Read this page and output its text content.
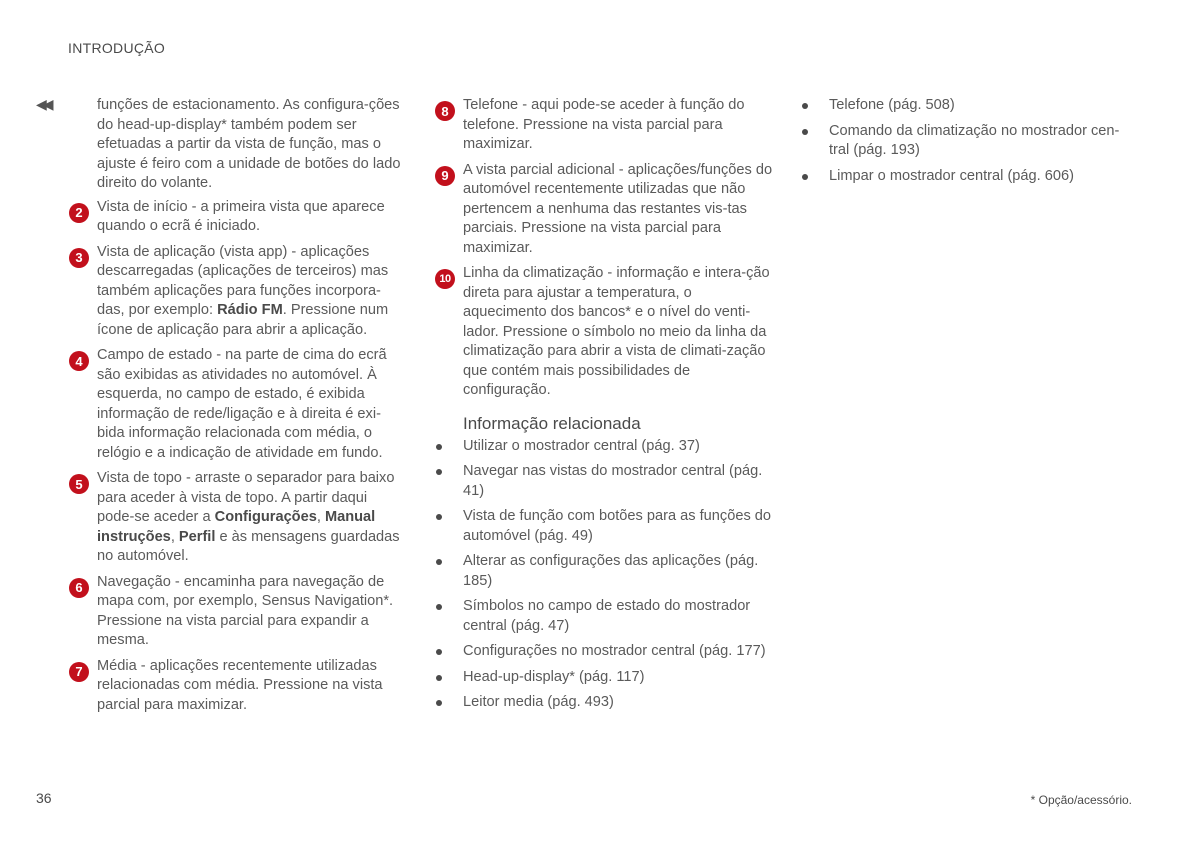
INTRODUÇÃO
◀◀	funções de estacionamento. As configura-ções do head-up-display* também podem ser efetuadas a partir da vista de função, mas o ajuste é feiro com a unidade de botões do lado direito do volante.

2 Vista de início - a primeira vista que aparece quando o ecrã é iniciado.
3 Vista de aplicação (vista app) - aplicações descarregadas (aplicações de terceiros) mas também aplicações para funções incorpora-das, por exemplo: Rádio FM. Pressione num ícone de aplicação para abrir a aplicação.
4 Campo de estado - na parte de cima do ecrã são exibidas as atividades no automóvel. À esquerda, no campo de estado, é exibida informação de rede/ligação e à direita é exi-bida informação relacionada com média, o relógio e a indicação de atividade em fundo.
5 Vista de topo - arraste o separador para baixo para aceder à vista de topo. A partir daqui pode-se aceder a Configurações, Manual instruções, Perfil e às mensagens guardadas no automóvel.
6 Navegação - encaminha para navegação de mapa com, por exemplo, Sensus Navigation*. Pressione na vista parcial para expandir a mesma.
7 Média - aplicações recentemente utilizadas relacionadas com média. Pressione na vista parcial para maximizar.
8 Telefone - aqui pode-se aceder à função do telefone. Pressione na vista parcial para maximizar.
9 A vista parcial adicional - aplicações/funções do automóvel recentemente utilizadas que não pertencem a nenhuma das restantes vis-tas parciais. Pressione na vista parcial para maximizar.
10 Linha da climatização - informação e intera-ção direta para ajustar a temperatura, o aquecimento dos bancos* e o nível do venti-lador. Pressione o símbolo no meio da linha da climatização para abrir a vista de climati-zação que contém mais possibilidades de configuração.
Informação relacionada
Utilizar o mostrador central (pág. 37)
Navegar nas vistas do mostrador central (pág. 41)
Vista de função com botões para as funções do automóvel (pág. 49)
Alterar as configurações das aplicações (pág. 185)
Símbolos no campo de estado do mostrador central (pág. 47)
Configurações no mostrador central (pág. 177)
Head-up-display* (pág. 117)
Leitor media (pág. 493)
Telefone (pág. 508)
Comando da climatização no mostrador cen-tral (pág. 193)
Limpar o mostrador central (pág. 606)
36	* Opção/acessório.
